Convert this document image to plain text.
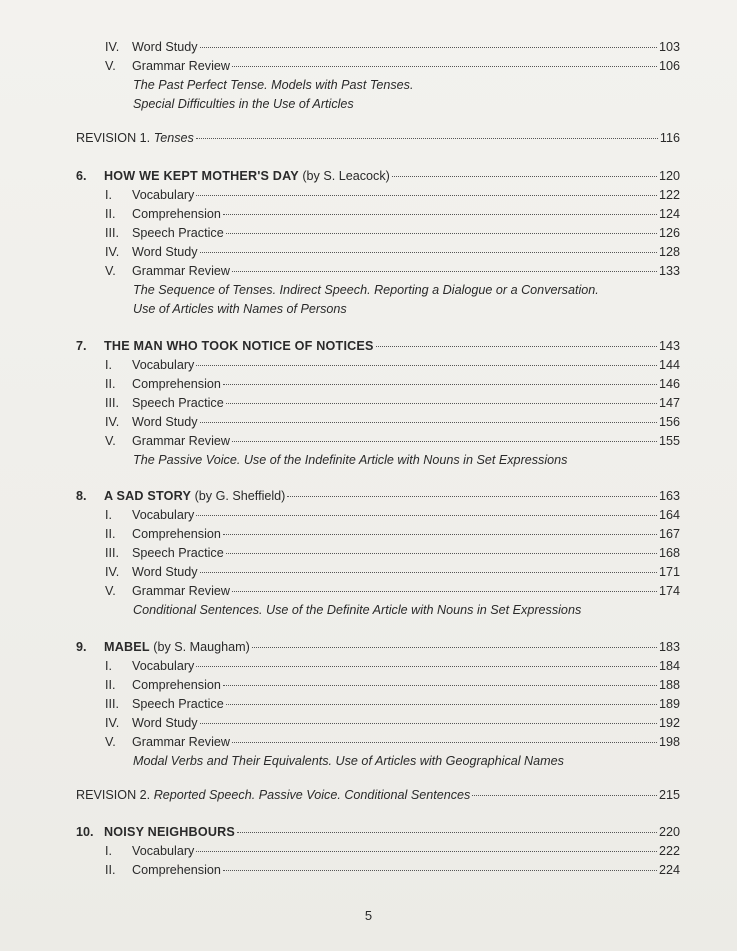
IV.	Word Study	103
V.	Grammar Review	106
The Past Perfect Tense. Models with Past Tenses.
Special Difficulties in the Use of Articles
REVISION 1. Tenses	116
6.	HOW WE KEPT MOTHER'S DAY (by S. Leacock)	120
I.	Vocabulary	122
II.	Comprehension	124
III.	Speech Practice	126
IV.	Word Study	128
V.	Grammar Review	133
The Sequence of Tenses. Indirect Speech. Reporting a Dialogue or a Conversation.
Use of Articles with Names of Persons
7.	THE MAN WHO TOOK NOTICE OF NOTICES	143
I.	Vocabulary	144
II.	Comprehension	146
III.	Speech Practice	147
IV.	Word Study	156
V.	Grammar Review	155
The Passive Voice. Use of the Indefinite Article with Nouns in Set Expressions
8.	A SAD STORY (by G. Sheffield)	163
I.	Vocabulary	164
II.	Comprehension	167
III.	Speech Practice	168
IV.	Word Study	171
V.	Grammar Review	174
Conditional Sentences. Use of the Definite Article with Nouns in Set Expressions
9.	MABEL (by S. Maugham)	183
I.	Vocabulary	184
II.	Comprehension	188
III.	Speech Practice	189
IV.	Word Study	192
V.	Grammar Review	198
Modal Verbs and Their Equivalents. Use of Articles with Geographical Names
REVISION 2. Reported Speech. Passive Voice. Conditional Sentences	215
10. NOISY NEIGHBOURS	220
I.	Vocabulary	222
II.	Comprehension	224
5
